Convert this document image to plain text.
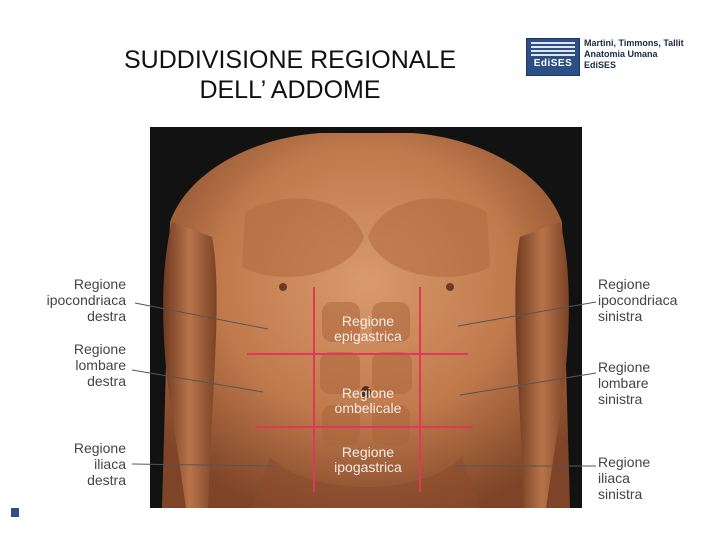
SUDDIVISIONE REGIONALE
DELL’ ADDOME
EdiSES
Martini, Timmons, Tallit
Anatomia Umana
EdiSES
Regione
ipocondriaca
destra
Regione
lombare
destra
Regione
iliaca
destra
Regione
ipocondriaca
sinistra
Regione
lombare
sinistra
Regione
iliaca
sinistra
Regione
epigastrica
Regione
ombelicale
Regione
ipogastrica
